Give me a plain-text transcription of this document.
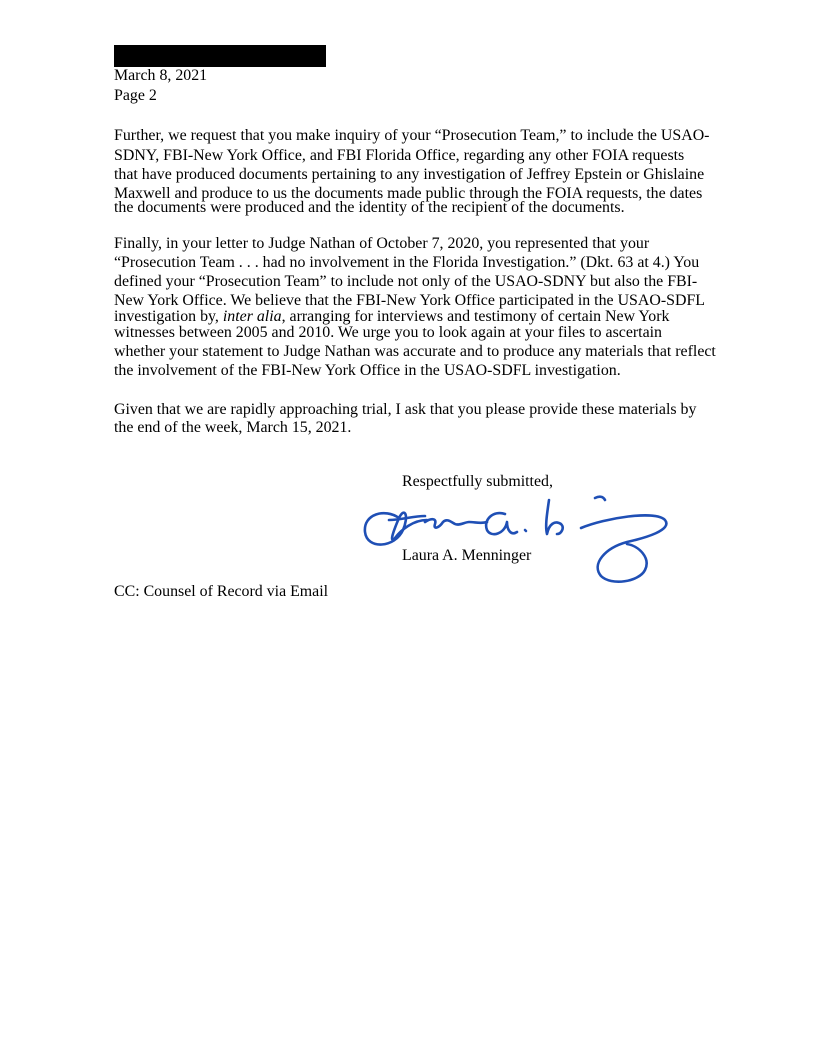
March 8, 2021
Page 2
Further, we request that you make inquiry of your “Prosecution Team,” to include the USAO-
SDNY, FBI-New York Office, and FBI Florida Office, regarding any other FOIA requests
that have produced documents pertaining to any investigation of Jeffrey Epstein or Ghislaine
Maxwell and produce to us the documents made public through the FOIA requests, the dates
the documents were produced and the identity of the recipient of the documents.
Finally, in your letter to Judge Nathan of October 7, 2020, you represented that your
“Prosecution Team . . . had no involvement in the Florida Investigation.” (Dkt. 63 at 4.) You
defined your “Prosecution Team” to include not only of the USAO-SDNY but also the FBI-
New York Office. We believe that the FBI-New York Office participated in the USAO-SDFL
investigation by, inter alia, arranging for interviews and testimony of certain New York
witnesses between 2005 and 2010. We urge you to look again at your files to ascertain
whether your statement to Judge Nathan was accurate and to produce any materials that reflect
the involvement of the FBI-New York Office in the USAO-SDFL investigation.
Given that we are rapidly approaching trial, I ask that you please provide these materials by
the end of the week, March 15, 2021.
Respectfully submitted,
Laura A. Menninger
CC: Counsel of Record via Email
